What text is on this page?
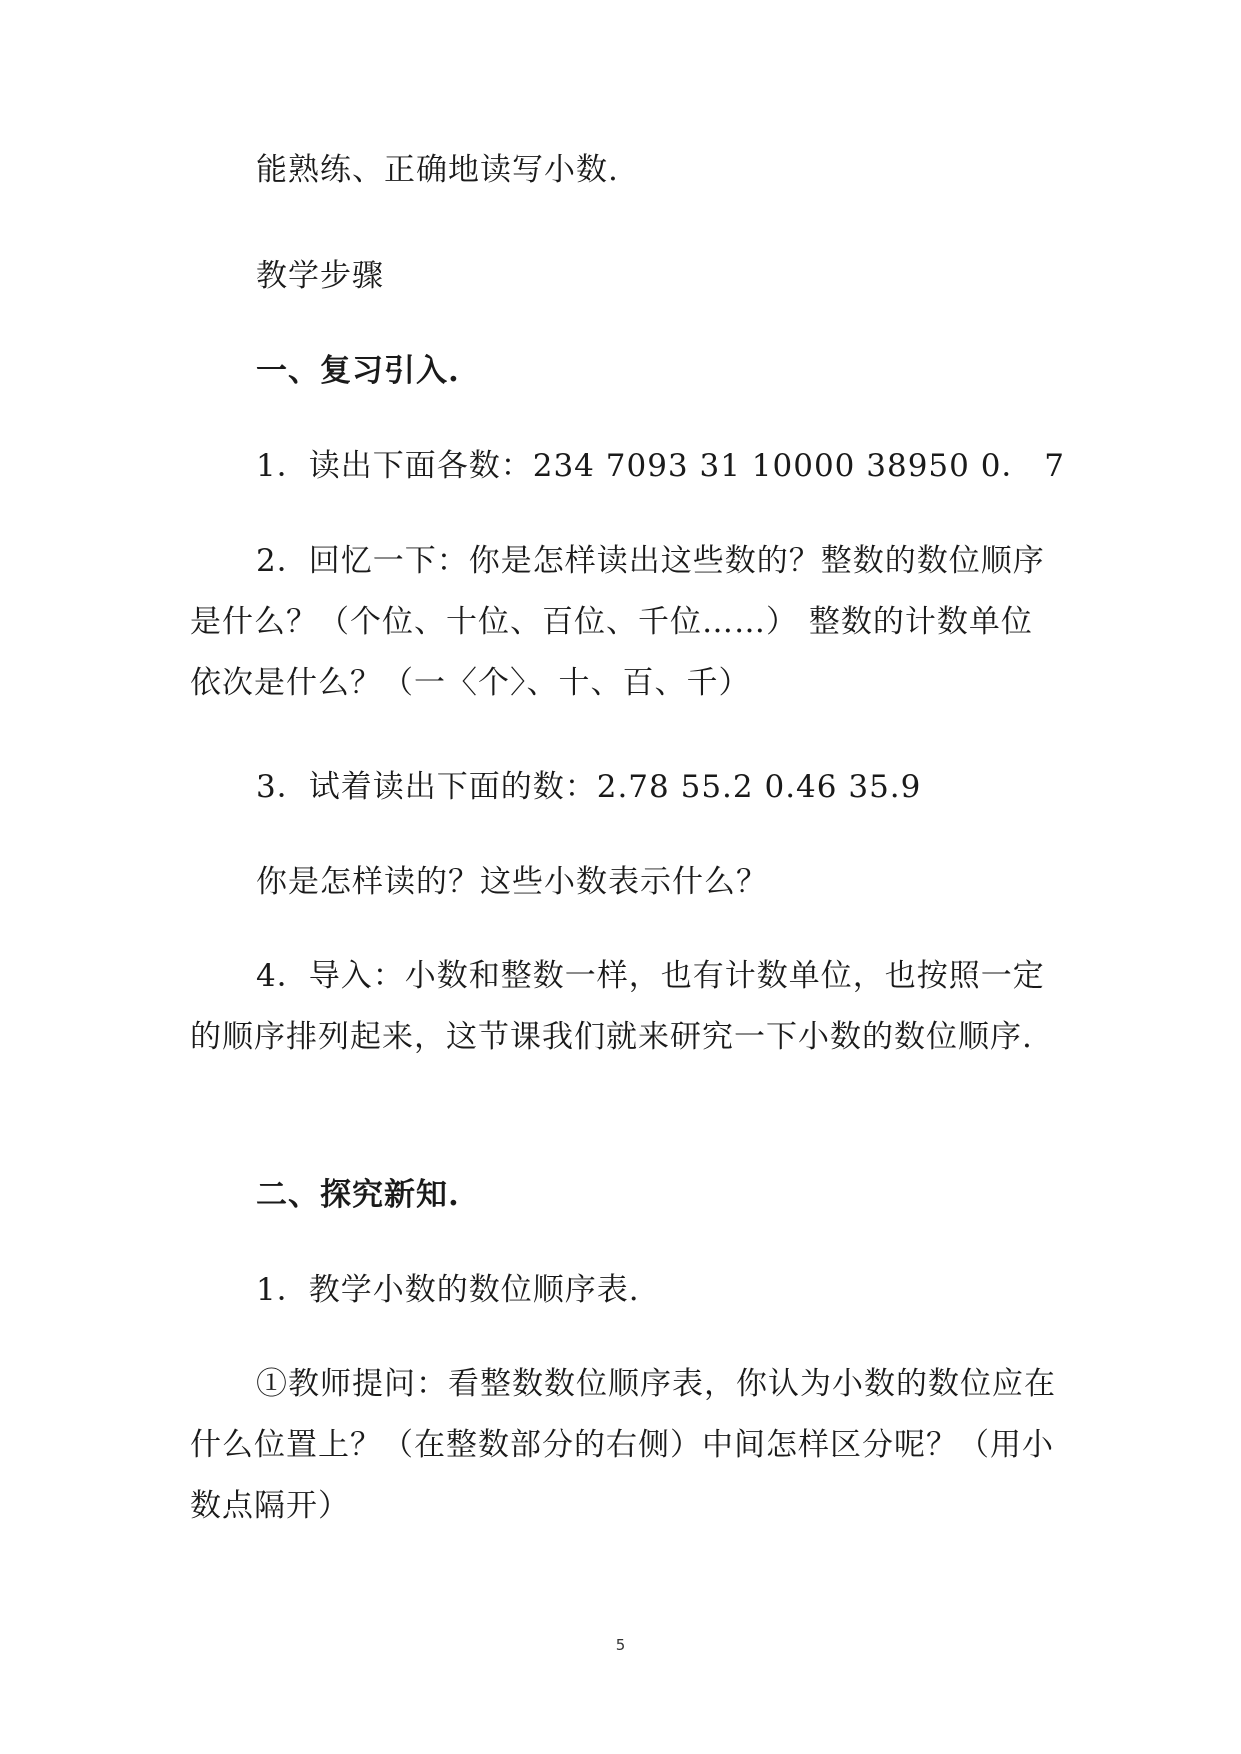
能熟练、正确地读写小数.

教学步骤

一、复习引入.

1．读出下面各数：234 7093 31 10000 38950 0． 7

2．回忆一下：你是怎样读出这些数的？整数的数位顺序是什么？（个位、十位、百位、千位……） 整数的计数单位依次是什么？（一〈个〉、十、百、千）

3．试着读出下面的数：2.78 55.2 0.46 35.9

你是怎样读的？这些小数表示什么？

4．导入：小数和整数一样，也有计数单位，也按照一定的顺序排列起来，这节课我们就来研究一下小数的数位顺序.

二、探究新知.

1．教学小数的数位顺序表.

①教师提问：看整数数位顺序表，你认为小数的数位应在什么位置上？（在整数部分的右侧）中间怎样区分呢？（用小数点隔开）

5
